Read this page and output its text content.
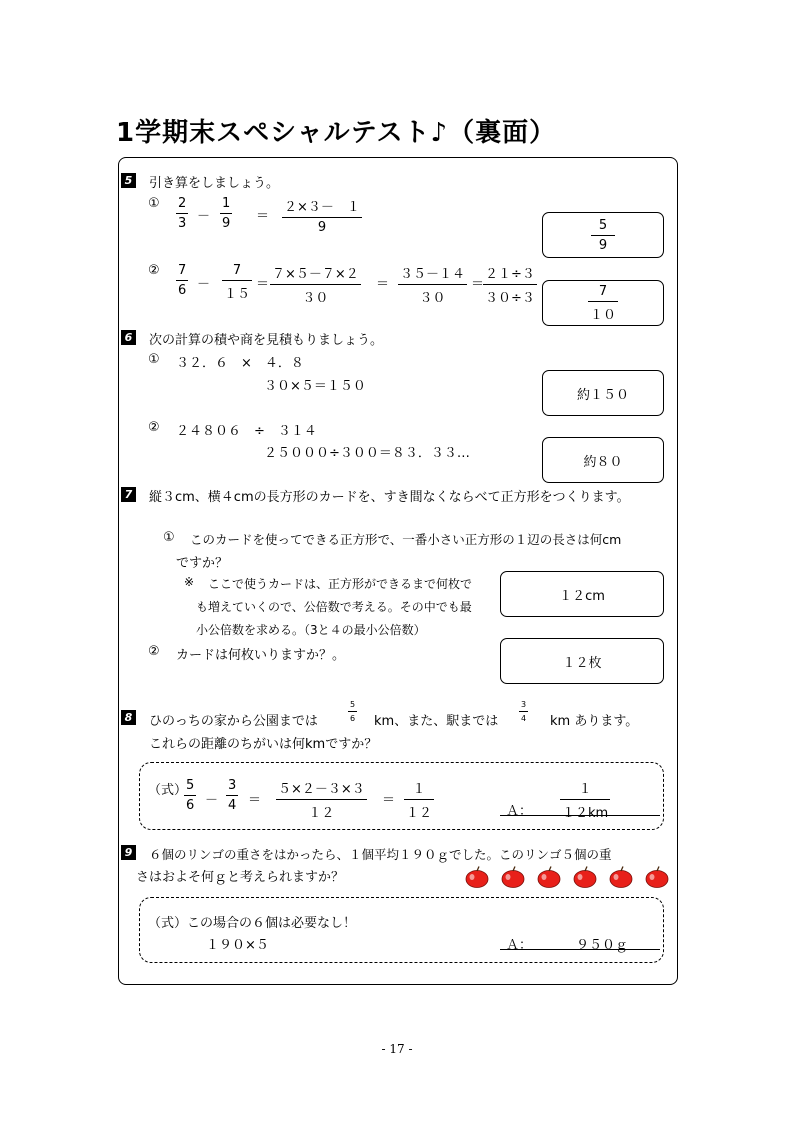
1学期末スペシャルテスト♪（裏面）
5 引き算をしましょう。
① 2
3 －
1
9 ＝
２×３－　１
9	$\frac{5}{9}$
② 7
6 －
7
１５
＝
７×５－７×２
３０
＝
３５－１４
３０
＝
２１÷３
３０÷３	$\frac{7}{10}$
6 次の計算の積や商を見積もりましょう。
① ３２．６　×　４．８
３０×５＝１５０
約１５０
② ２４８０６　÷　３１４
２５０００÷３００＝８３．３３…
約８０
7 縦３cm、横４cmの長方形のカードを、すき間なくならべて正方形をつくります。
① このカードを使ってできる正方形で、一番小さい正方形の１辺の長さは何cm
ですか？
※ ここで使うカードは、正方形ができるまで何枚で
も増えていくので、公倍数で考える。その中でも最
小公倍数を求める。（3と４の最小公倍数）
１２cm
② カードは何枚いりますか？。	１２枚
8 ひのっちの家から公園までは
5
6 km、また、駅までは
3
4 km あります。
これらの距離のちがいは何kmですか？
（式）
5
6 －
3
4 ＝
５×２－３×３
１２
＝
１
１２	Ａ：
１
１２km
9 ６個のリンゴの重さをはかったら、１個平均１９０ｇでした。このリンゴ５個の重
さはおよそ何ｇと考えられますか？
（式）この場合の６個は必要なし！
１９０×５	Ａ：	９５０ｇ
- 17 -
